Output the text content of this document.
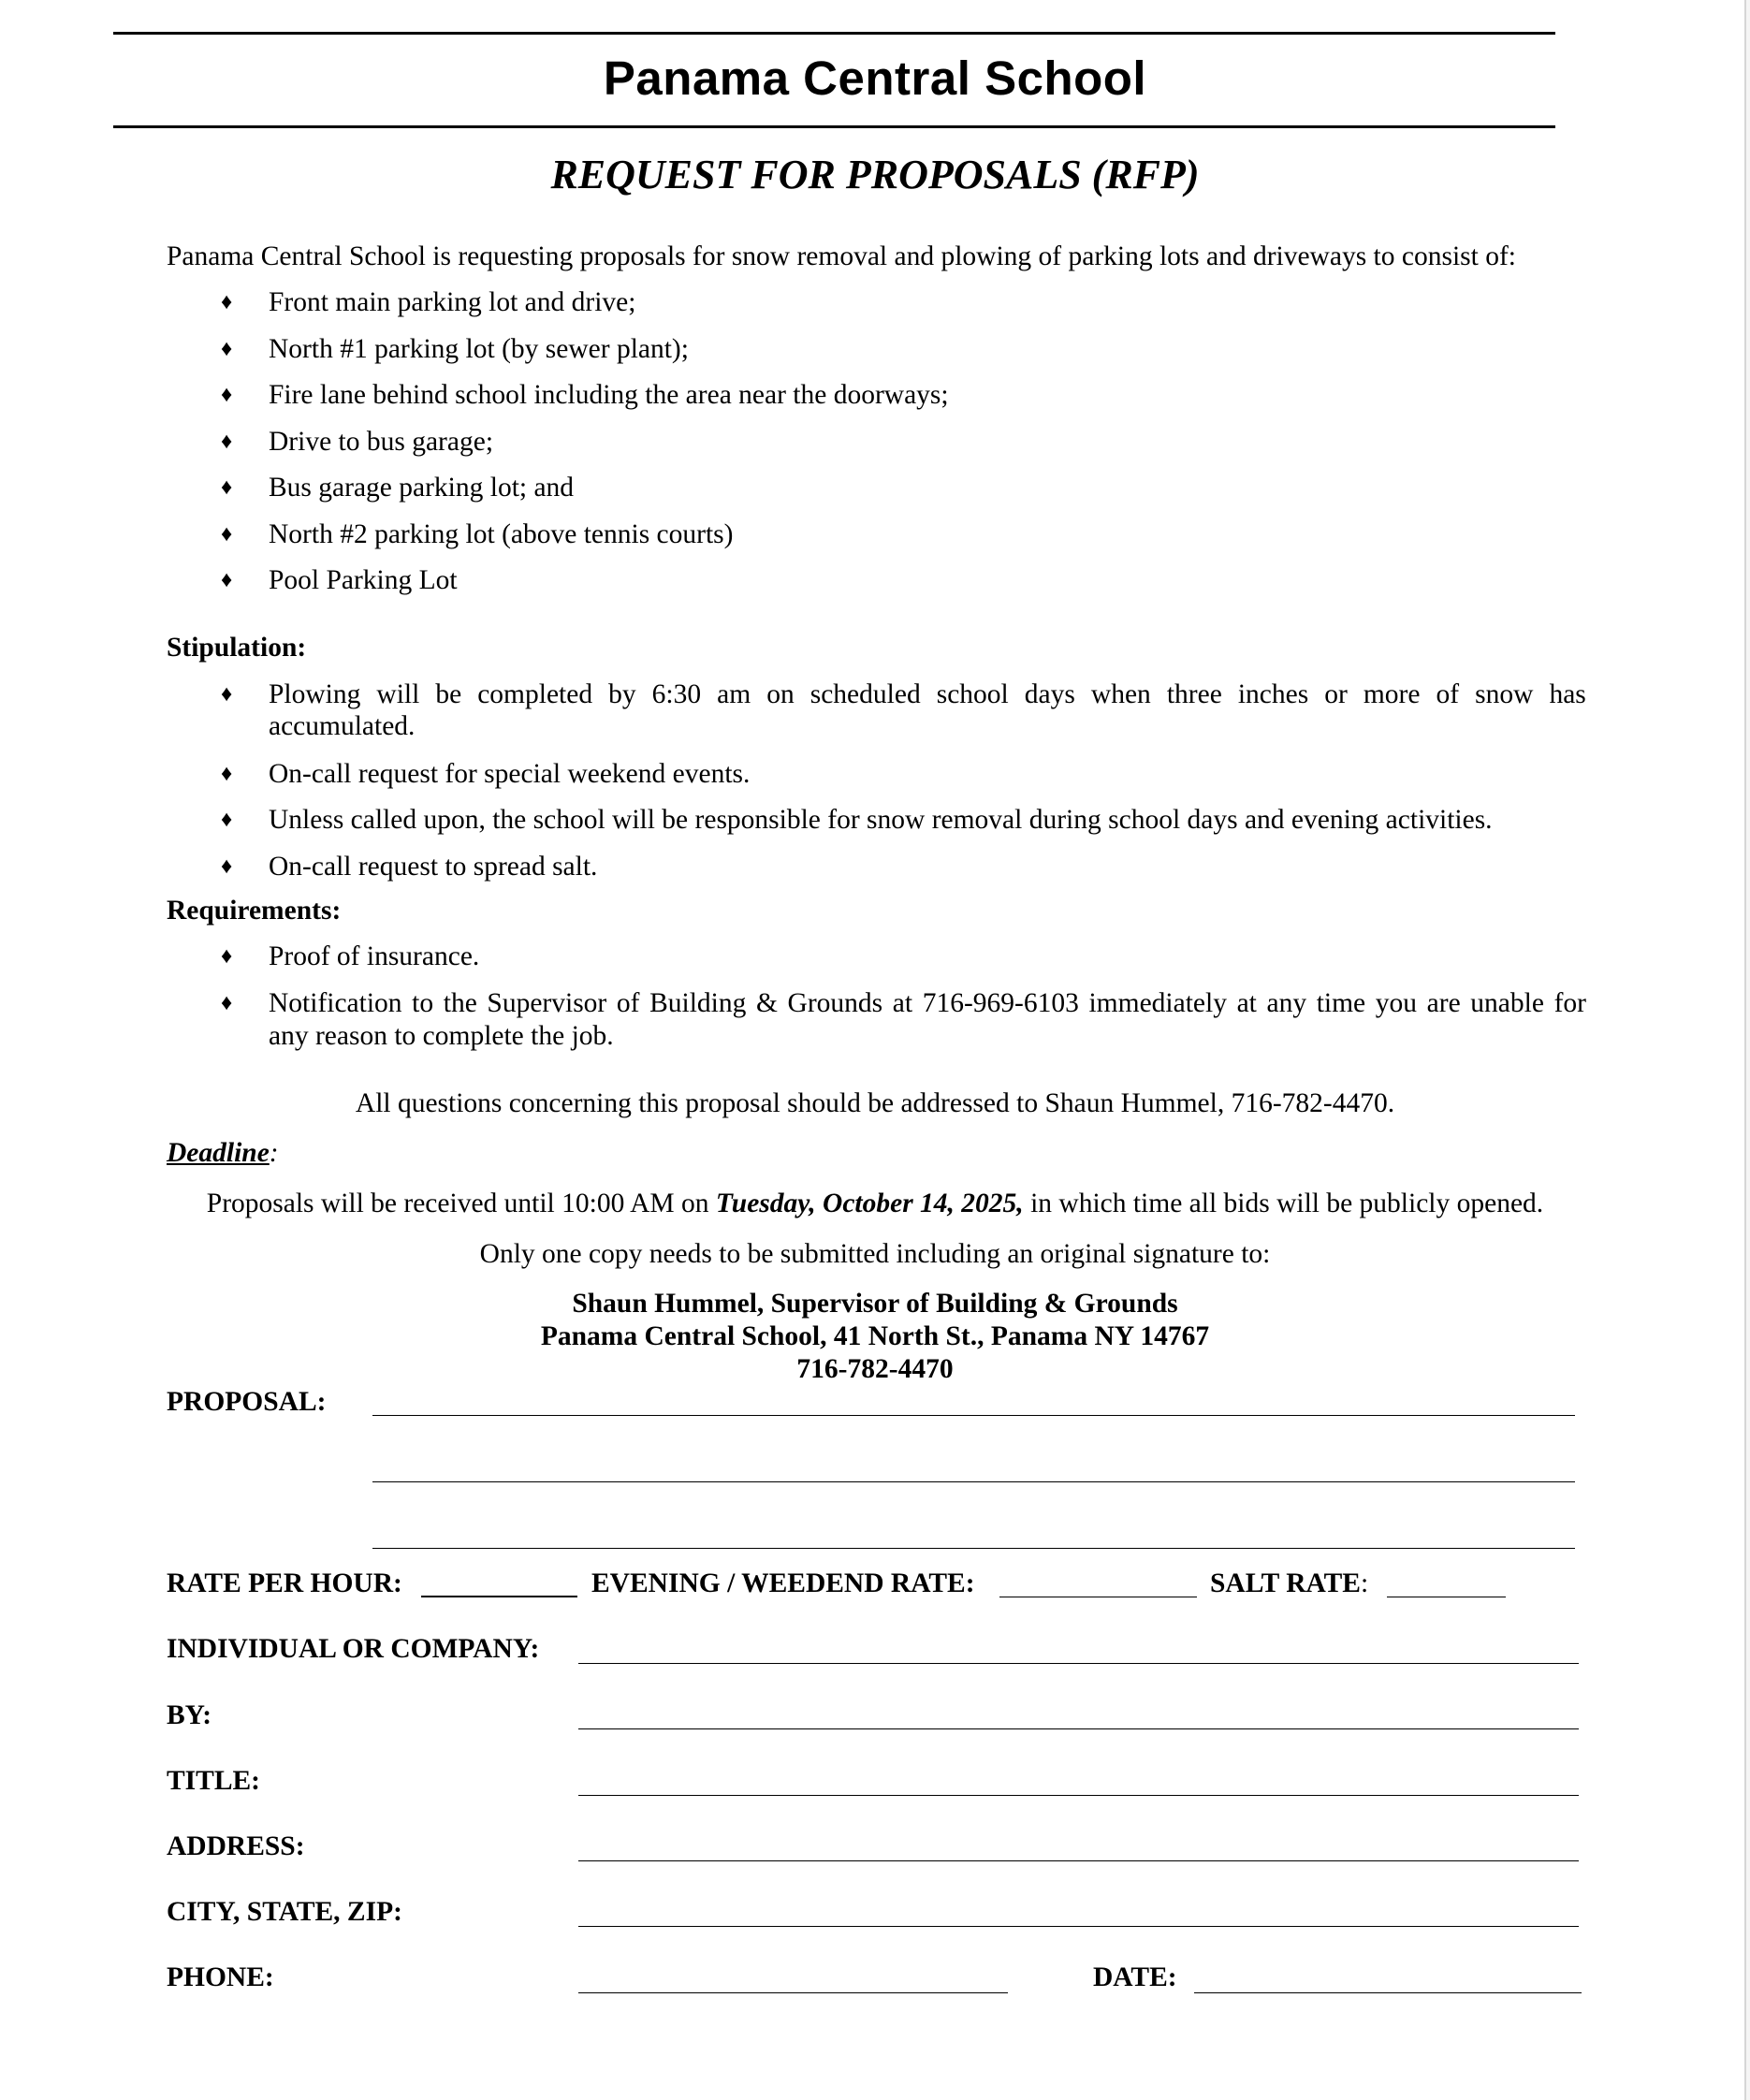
Panama Central School
REQUEST FOR PROPOSALS (RFP)
Panama Central School is requesting proposals for snow removal and plowing of parking lots and driveways to consist of:
♦ Front main parking lot and drive;
♦ North #1 parking lot (by sewer plant);
♦ Fire lane behind school including the area near the doorways;
♦ Drive to bus garage;
♦ Bus garage parking lot; and
♦ North #2 parking lot (above tennis courts)
♦ Pool Parking Lot
Stipulation:
♦ Plowing will be completed by 6:30 am on scheduled school days when three inches or more of snow has
accumulated.
♦ On-call request for special weekend events.
♦ Unless called upon, the school will be responsible for snow removal during school days and evening activities.
♦ On-call request to spread salt.
Requirements:
♦ Proof of insurance.
♦ Notification to the Supervisor of Building & Grounds at 716-969-6103 immediately at any time you are unable for
any reason to complete the job.
All questions concerning this proposal should be addressed to Shaun Hummel, 716-782-4470.
Deadline:
Proposals will be received until 10:00 AM on Tuesday, October 14, 2025, in which time all bids will be publicly opened.
Only one copy needs to be submitted including an original signature to:
Shaun Hummel, Supervisor of Building & Grounds
Panama Central School, 41 North St., Panama NY 14767
716-782-4470
PROPOSAL:
RATE PER HOUR:	EVENING / WEEDEND RATE:	SALT RATE:
INDIVIDUAL OR COMPANY:
BY:
TITLE:
ADDRESS:
CITY, STATE, ZIP:
PHONE:	DATE:
